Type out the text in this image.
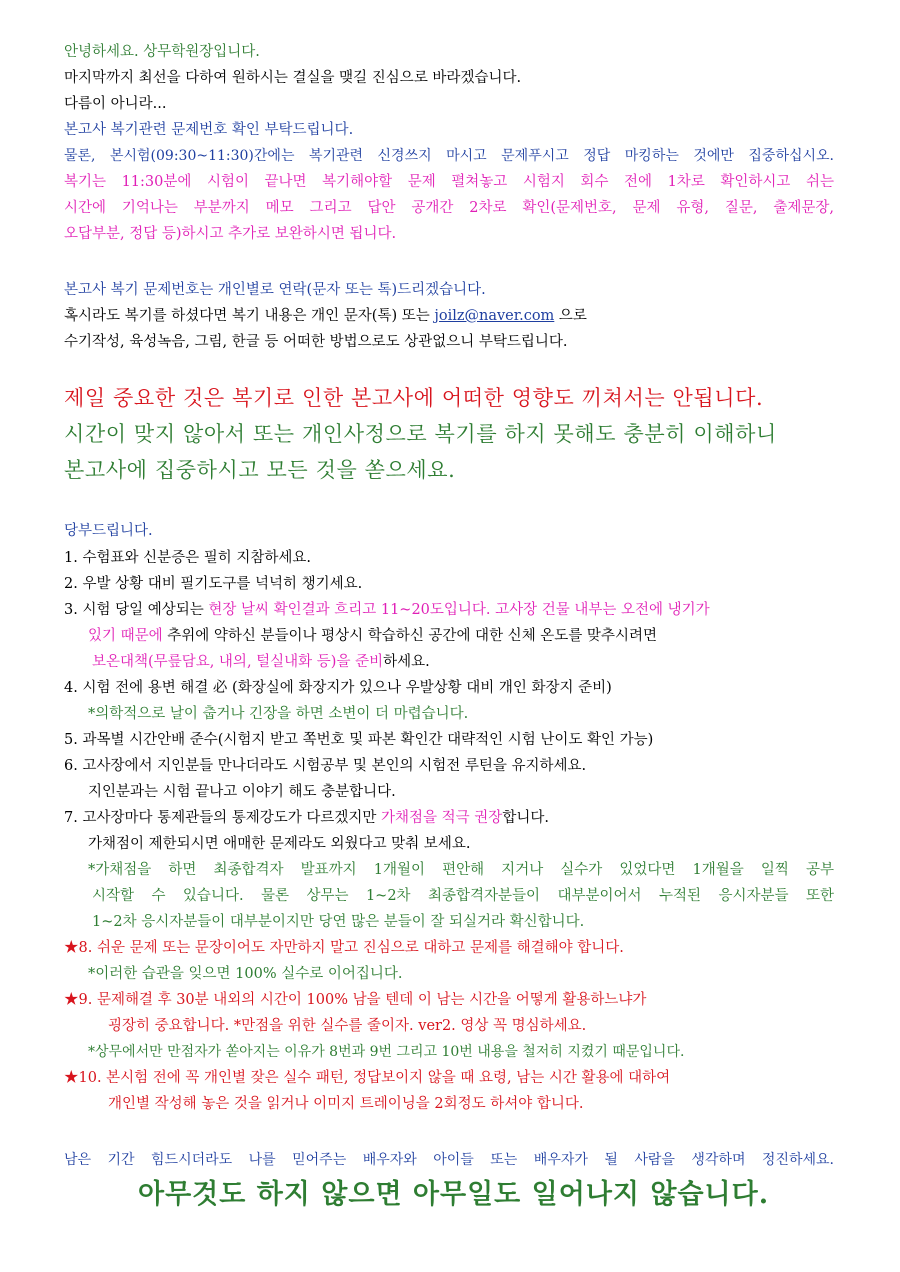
안녕하세요. 상무학원장입니다.
마지막까지 최선을 다하여 원하시는 결실을 맺길 진심으로 바라겠습니다.
다름이 아니라...
본고사 복기관련 문제번호 확인 부탁드립니다.
물론, 본시험(09:30~11:30)간에는 복기관련 신경쓰지 마시고 문제푸시고 정답 마킹하는 것에만 집중하십시오.
복기는 11:30분에 시험이 끝나면 복기해야할 문제 펼쳐놓고 시험지 회수 전에 1차로 확인하시고 쉬는
시간에 기억나는 부분까지 메모 그리고 답안 공개간 2차로 확인(문제번호, 문제 유형, 질문, 출제문장,
오답부분, 정답 등)하시고 추가로 보완하시면 됩니다.
본고사 복기 문제번호는 개인별로 연락(문자 또는 톡)드리겠습니다.
혹시라도 복기를 하셨다면 복기 내용은 개인 문자(톡) 또는 joilz@naver.com 으로
수기작성, 육성녹음, 그림, 한글 등 어떠한 방법으로도 상관없으니 부탁드립니다.
제일 중요한 것은 복기로 인한 본고사에 어떠한 영향도 끼쳐서는 안됩니다.
시간이 맞지 않아서 또는 개인사정으로 복기를 하지 못해도 충분히 이해하니
본고사에 집중하시고 모든 것을 쏟으세요.
당부드립니다.
1. 수험표와 신분증은 필히 지참하세요.
2. 우발 상황 대비 필기도구를 넉넉히 챙기세요.
3. 시험 당일 예상되는 현장 날씨 확인결과 흐리고 11~20도입니다. 고사장 건물 내부는 오전에 냉기가
있기 때문에 추위에 약하신 분들이나 평상시 학습하신 공간에 대한 신체 온도를 맞추시려면
보온대책(무릎담요, 내의, 털실내화 등)을 준비하세요.
4. 시험 전에 용변 해결 必 (화장실에 화장지가 있으나 우발상황 대비 개인 화장지 준비)
*의학적으로 날이 춥거나 긴장을 하면 소변이 더 마렵습니다.
5. 과목별 시간안배 준수(시험지 받고 쪽번호 및 파본 확인간 대략적인 시험 난이도 확인 가능)
6. 고사장에서 지인분들 만나더라도 시험공부 및 본인의 시험전 루틴을 유지하세요.
지인분과는 시험 끝나고 이야기 해도 충분합니다.
7. 고사장마다 통제관들의 통제강도가 다르겠지만 가채점을 적극 권장합니다.
가채점이 제한되시면 애매한 문제라도 외웠다고 맞춰 보세요.
*가채점을 하면 최종합격자 발표까지 1개월이 편안해 지거나 실수가 있었다면 1개월을 일찍 공부
시작할 수 있습니다. 물론 상무는 1~2차 최종합격자분들이 대부분이어서 누적된 응시자분들 또한
1~2차 응시자분들이 대부분이지만 당연 많은 분들이 잘 되실거라 확신합니다.
★8. 쉬운 문제 또는 문장이어도 자만하지 말고 진심으로 대하고 문제를 해결해야 합니다.
*이러한 습관을 잊으면 100% 실수로 이어집니다.
★9. 문제해결 후 30분 내외의 시간이 100% 남을 텐데 이 남는 시간을 어떻게 활용하느냐가
굉장히 중요합니다. *만점을 위한 실수를 줄이자. ver2. 영상 꼭 명심하세요.
*상무에서만 만점자가 쏟아지는 이유가 8번과 9번 그리고 10번 내용을 철저히 지켰기 때문입니다.
★10. 본시험 전에 꼭 개인별 잦은 실수 패턴, 정답보이지 않을 때 요령, 남는 시간 활용에 대하여
개인별 작성해 놓은 것을 읽거나 이미지 트레이닝을 2회정도 하셔야 합니다.
남은 기간 힘드시더라도 나를 믿어주는 배우자와 아이들 또는 배우자가 될 사람을 생각하며 정진하세요.
아무것도 하지 않으면 아무일도 일어나지 않습니다.
